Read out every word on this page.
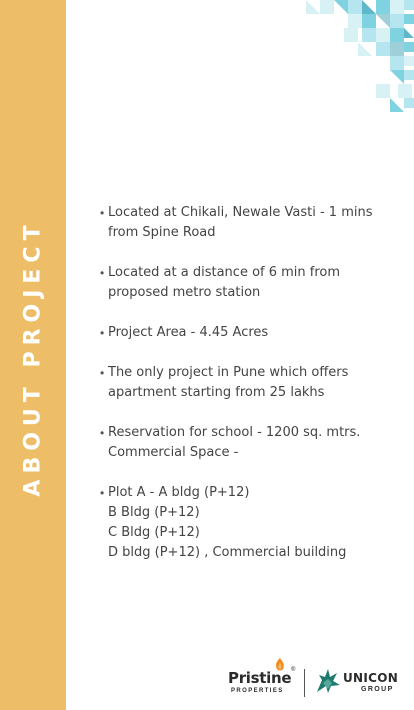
ABOUT PROJECT
• Located at Chikali, Newale Vasti - 1 mins
from Spine Road
• Located at a distance of 6 min from
proposed metro station
• Project Area - 4.45 Acres
• The only project in Pune which offers
apartment starting from 25 lakhs
• Reservation for school - 1200 sq. mtrs.
Commercial Space -
• Plot A - A bldg (P+12)
B Bldg (P+12)
C Bldg (P+12)
D bldg (P+12) , Commercial building
Pristine ®
PROPERTIES
UNICON
GROUP
